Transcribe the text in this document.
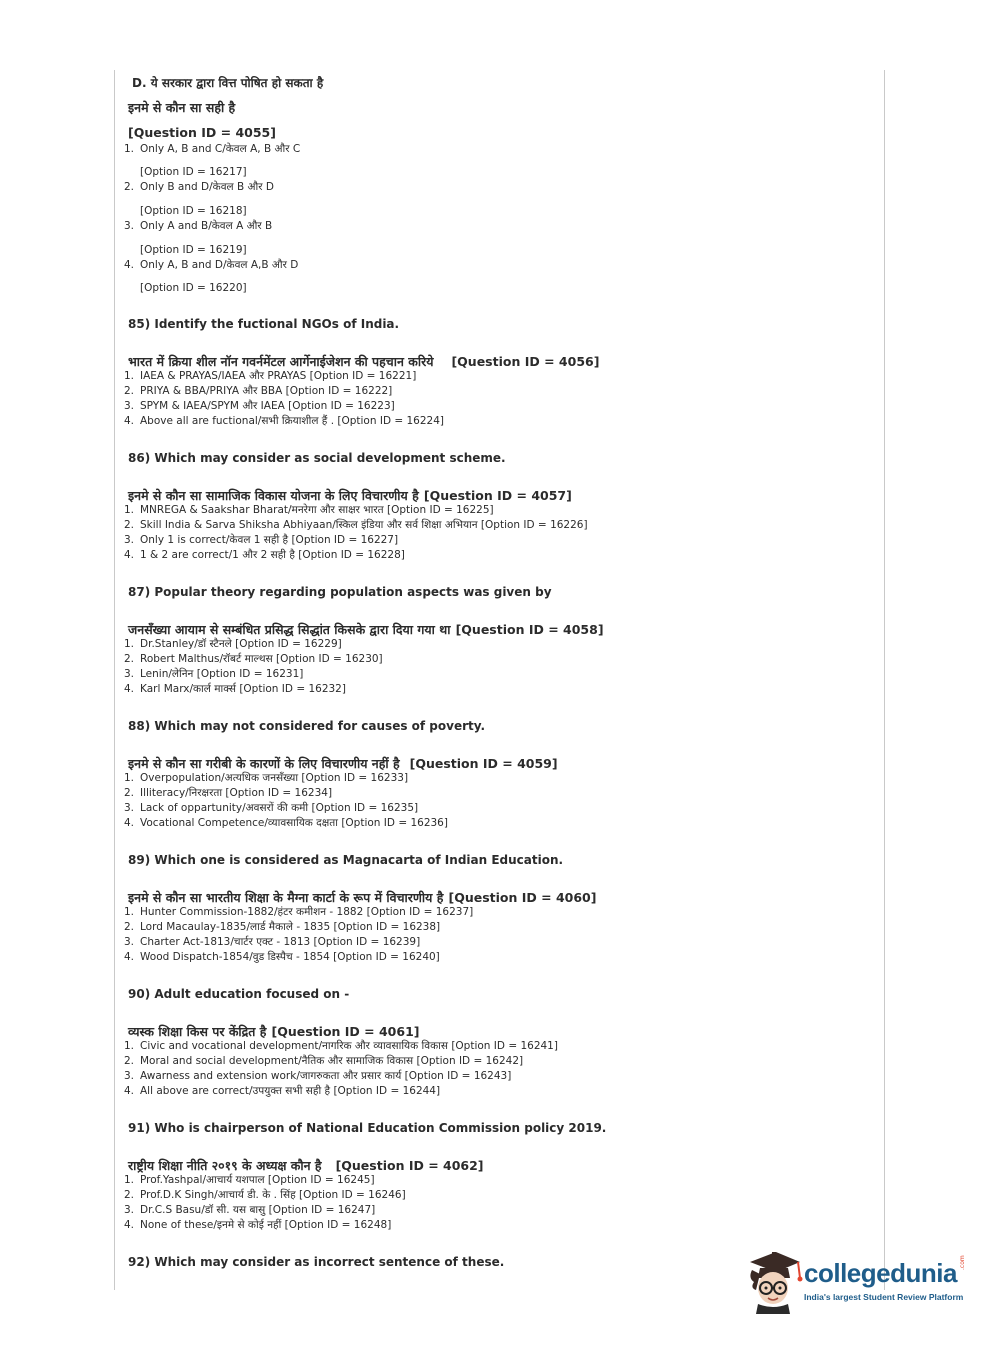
D. ये सरकार द्वारा वित्त पोषित हो सकता है
इनमे से कौन सा सही है
[Question ID = 4055]
1. Only A, B and C/केवल A, B और C
[Option ID = 16217]
2. Only B and D/केवल B और D
[Option ID = 16218]
3. Only A and B/केवल A और B
[Option ID = 16219]
4. Only A, B and D/केवल A,B और D
[Option ID = 16220]
85) Identify the fuctional NGOs of India.
भारत में क्रिया शील नॉन गवर्नमेंटल आर्गेनाईजेशन की पहचान करिये [Question ID = 4056]
1. IAEA & PRAYAS/IAEA और PRAYAS [Option ID = 16221]
2. PRIYA & BBA/PRIYA और BBA [Option ID = 16222]
3. SPYM & IAEA/SPYM और IAEA [Option ID = 16223]
4. Above all are fuctional/सभी क्रियाशील हैं . [Option ID = 16224]
86) Which may consider as social development scheme.
इनमे से कौन सा सामाजिक विकास योजना के लिए विचारणीय है [Question ID = 4057]
1. MNREGA & Saakshar Bharat/मनरेगा और साक्षर भारत [Option ID = 16225]
2. Skill India & Sarva Shiksha Abhiyaan/स्किल इंडिया और सर्व शिक्षा अभियान [Option ID = 16226]
3. Only 1 is correct/केवल 1 सही है [Option ID = 16227]
4. 1 & 2 are correct/1 और 2 सही है [Option ID = 16228]
87) Popular theory regarding population aspects was given by
जनसँख्या आयाम से सम्बंधित प्रसिद्ध सिद्धांत किसके द्वारा दिया गया था [Question ID = 4058]
1. Dr.Stanley/डॉ स्टैनले [Option ID = 16229]
2. Robert Malthus/रॉबर्ट माल्थस [Option ID = 16230]
3. Lenin/लेनिन [Option ID = 16231]
4. Karl Marx/कार्ल मार्क्स [Option ID = 16232]
88) Which may not considered for causes of poverty.
इनमे से कौन सा गरीबी के कारणों के लिए विचारणीय नहीं है [Question ID = 4059]
1. Overpopulation/अत्यधिक जनसँख्या [Option ID = 16233]
2. Illiteracy/निरक्षरता [Option ID = 16234]
3. Lack of oppartunity/अवसरों की कमी [Option ID = 16235]
4. Vocational Competence/व्यावसायिक दक्षता [Option ID = 16236]
89) Which one is considered as Magnacarta of Indian Education.
इनमे से कौन सा भारतीय शिक्षा के मैग्ना कार्टा के रूप में विचारणीय है [Question ID = 4060]
1. Hunter Commission-1882/हंटर कमीशन - 1882 [Option ID = 16237]
2. Lord Macaulay-1835/लार्ड मैकाले - 1835 [Option ID = 16238]
3. Charter Act-1813/चार्टर एक्ट - 1813 [Option ID = 16239]
4. Wood Dispatch-1854/वुड डिस्पैच - 1854 [Option ID = 16240]
90) Adult education focused on -
व्यस्क शिक्षा किस पर केंद्रित है [Question ID = 4061]
1. Civic and vocational development/नागरिक और व्यावसायिक विकास [Option ID = 16241]
2. Moral and social development/नैतिक और सामाजिक विकास [Option ID = 16242]
3. Awarness and extension work/जागरुकता और प्रसार कार्य [Option ID = 16243]
4. All above are correct/उपयुक्त सभी सही है [Option ID = 16244]
91) Who is chairperson of National Education Commission policy 2019.
राष्ट्रीय शिक्षा नीति २०१९ के अध्यक्ष कौन है [Question ID = 4062]
1. Prof.Yashpal/आचार्य यशपाल [Option ID = 16245]
2. Prof.D.K Singh/आचार्य डी. के . सिंह [Option ID = 16246]
3. Dr.C.S Basu/डॉ सी. यस बासु [Option ID = 16247]
4. None of these/इनमे से कोई नहीं [Option ID = 16248]
92) Which may consider as incorrect sentence of these.	collegedunia .com
India's largest Student Review Platform
